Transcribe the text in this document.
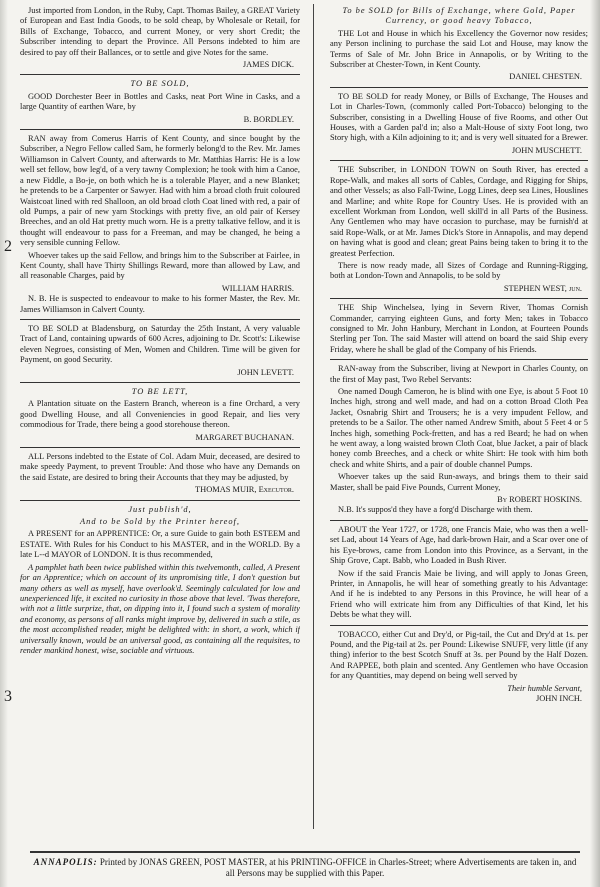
Just imported from London, in the Ruby, Capt. Thomas Bailey, a GREAT Variety of European and East India Goods, to be sold cheap, by Wholesale or Retail, for Bills of Exchange, Tobacco, and current Money, or very short Credit; the Subscriber intending to depart the Province. All Persons indebted to him are desired to pay off their Ballances, or to settle and give Notes for the same.

JAMES DICK.
TO BE SOLD,

GOOD Dorchester Beer in Bottles and Casks, neat Port Wine in Casks, and a large Quantity of earthen Ware, by

B. BORDLEY.

RAN away from Comerus Harris of Kent County, and since bought by the Subscriber, a Negro Fellow called Sam, he formerly belong'd to the Rev. Mr. James Williamson in Calvert County, and afterwards to Mr. Matthias Harris: He is a low well set fellow, bow leg'd, of a very tawny Complexion; he took with him a Canoe, a new Fiddle, a Bo-je, on both which he is a tolerable Player, and a new Blanket; he pretends to be a Carpenter or Sawyer. Had with him a broad cloth fruit coloured Waistcoat lined with red Shalloon, an old broad cloth Coat lined with red, a pair of old Pumps, a pair of new yarn Stockings with pretty five, an old pair of Kersey Breeches, and an old Hat pretty much worn. He is a pretty talkative fellow, and it is thought will endeavour to pass for a Freeman, and may be changed, he being a very sensible cunning Fellow.

Whoever takes up the said Fellow, and brings him to the Subscriber at Fairlee, in Kent County, shall have Thirty Shillings Reward, more than allowed by Law, and all reasonable Charges, paid by

WILLIAM HARRIS.

N. B. He is suspected to endeavour to make to his former Master, the Rev. Mr. James Williamson in Calvert County.

TO BE SOLD at Bladensburg, on Saturday the 25th Instant, A very valuable Tract of Land, containing upwards of 600 Acres, adjoining to Dr. Scott's: Likewise eleven Negroes, consisting of Men, Women and Children. Time will be given for Payment, on good Security.

JOHN LEVETT.
TO BE LETT,

A Plantation situate on the Eastern Branch, whereon is a fine Orchard, a very good Dwelling House, and all Conveniencies in good Repair, and lies very commodious for Trade, there being a good storehouse thereon.

MARGARET BUCHANAN.

ALL Persons indebted to the Estate of Col. Adam Muir, deceased, are desired to make speedy Payment, to prevent Trouble: And those who have any Demands on the said Estate, are desired to bring their Accounts that they may be adjusted, by

THOMAS MUIR, Executor.
Just publish'd,
And to be Sold by the Printer hereof,

A PRESENT for an APPRENTICE: Or, a sure Guide to gain both ESTEEM and ESTATE. With Rules for his Conduct to his MASTER, and in the WORLD. By a late L--d MAYOR of LONDON. It is thus recommended,

A pamphlet hath been twice published within this twelvemonth, called, A Present for an Apprentice; which on account of its unpromising title, I don't question but many others as well as myself, have overlook'd. Seemingly calculated for low and unexperienced life, it excited no curiosity in those above that level. 'Twas therefore, with not a little surprize, that, on dipping into it, I found such a system of morality and economy, as persons of all ranks might improve by, delivered in such a stile, as the most accomplished reader, might be delighted with: in short, a work, which if universally known, would be an universal good, as containing all the requisites, to render mankind honest, wise, sociable and virtuous.

To be SOLD for Bills of Exchange, where Gold, Paper Currency, or good heavy Tobacco,

THE Lot and House in which his Excellency the Governor now resides; any Person inclining to purchase the said Lot and House, may know the Terms of Sale of Mr. John Brice in Annapolis, or by Writing to the Subscriber at Chester-Town, in Kent County.

DANIEL CHESTEN.

TO BE SOLD for ready Money, or Bills of Exchange, The Houses and Lot in Charles-Town, (commonly called Port-Tobacco) belonging to the Subscriber, consisting in a Dwelling House of five Rooms, and other Out Houses, with a Garden pal'd in; also a Malt-House of sixty Foot long, two Story high, with a Kiln adjoining to it; and is very well situated for a Brewer.

JOHN MUSCHETT.

THE Subscriber, in LONDON TOWN on South River, has erected a Rope-Walk, and makes all sorts of Cables, Cordage, and Rigging for Ships, and other Vessels; as also Fall-Twine, Logg Lines, deep sea Lines, Houslines and Marline; and white Rope for Country Uses. He is provided with an excellent Workman from London, well skill'd in all Parts of the Business. Any Gentlemen who may have occasion to purchase, may be furnish'd at said Rope-Walk, or at Mr. James Dick's Store in Annapolis, and may depend on having what is good and clean; great Pains being taken to bring it to the greatest Perfection.

There is now ready made, all Sizes of Cordage and Running-Rigging, both at London-Town and Annapolis, to be sold by

STEPHEN WEST, jun.

THE Ship Winchelsea, lying in Severn River, Thomas Cornish Commander, carrying eighteen Guns, and forty Men; takes in Tobacco consigned to Mr. John Hanbury, Merchant in London, at Fourteen Pounds Sterling per Ton. The said Master will attend on board the said Ship every Friday, where he shall be glad of the Company of his Friends.

RAN-away from the Subscriber, living at Newport in Charles County, on the first of May past, Two Rebel Servants:

One named Dough Cameron, he is blind with one Eye, is about 5 Foot 10 Inches high, strong and well made, and had on a cotton Broad Cloth Pea Jacket, Osnabrig Shirt and Trousers; he is a very impudent Fellow, and pretends to be a Sailor. The other named Andrew Smith, about 5 Feet 4 or 5 Inches high, something Pock-fretten, and has a red Beard; he had on when he went away, a long waisted brown Cloth Coat, blue Jacket, a pair of black honey comb Breeches, and a check or white Shirt: He took with him both check and white Shirts, and a pair of double channel Pumps.

Whoever takes up the said Run-aways, and brings them to their said Master, shall be paid Five Pounds, Current Money,

By ROBERT HOSKINS.

N.B. It's suppos'd they have a forg'd Discharge with them.

ABOUT the Year 1727, or 1728, one Francis Maie, who was then a well-set Lad, about 14 Years of Age, had dark-brown Hair, and a Scar over one of his Eye-brows, came from London into this Province, as a Servant, in the Ship Grove, Capt. Babb, who Loaded in Bush River.

Now if the said Francis Maie be living, and will apply to Jonas Green, Printer, in Annapolis, he will hear of something greatly to his Advantage: And if he is indebted to any Persons in this Province, he will hear of a Friend who will extricate him from any Difficulties of that Kind, let his Debts be what they will.

TOBACCO, either Cut and Dry'd, or Pig-tail, the Cut and Dry'd at 1s. per Pound, and the Pig-tail at 2s. per Pound: Likewise SNUFF, very little (if any thing) inferior to the best Scotch Snuff at 3s. per Pound by the Half Dozen. And RAPPEE, both plain and scented. Any Gentlemen who have Occasion for any Quantities, may depend on being well served by

Their humble Servant,
JOHN INCH.
2
3
ANNAPOLIS: Printed by JONAS GREEN, POST MASTER, at his PRINTING-OFFICE in Charles-Street; where Advertisements are taken in, and all Persons may be supplied with this Paper.
